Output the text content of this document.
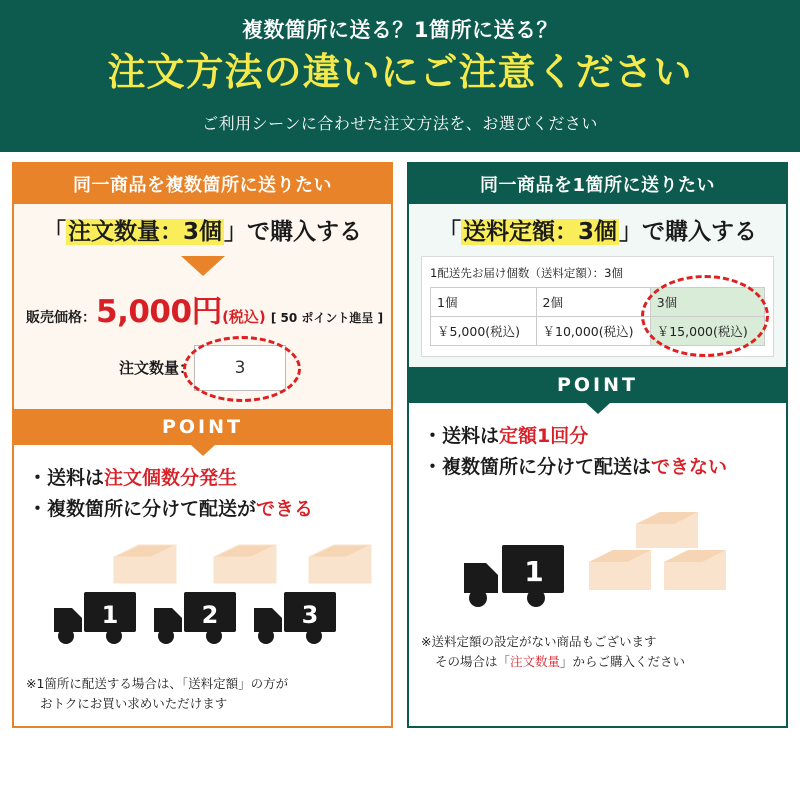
複数箇所に送る？1箇所に送る？
注文方法の違いにご注意ください
ご利用シーンに合わせた注文方法を、お選びください
同一商品を複数箇所に送りたい
「注文数量：3個」で購入する
販売価格：5,000円(税込) [ 50 ポイント進呈 ]
注文数量： 3
POINT
・送料は注文個数分発生
・複数箇所に分けて配送ができる
1	2	3
※1箇所に配送する場合は、「送料定額」の方が
おトクにお買い求めいただけます
同一商品を1箇所に送りたい
「送料定額：3個」で購入する
1配送先お届け個数（送料定額）：3個
1個	2個	3個
￥5,000(税込)	￥10,000(税込)	￥15,000(税込)
POINT
・送料は定額1回分
・複数箇所に分けて配送はできない
1
※送料定額の設定がない商品もございます
その場合は「注文数量」からご購入ください
